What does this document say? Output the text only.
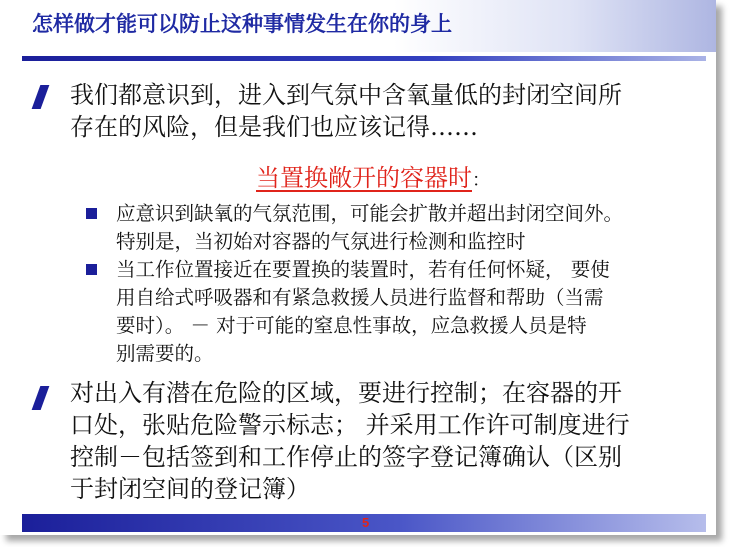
怎样做才能可以防止这种事情发生在你的身上
我们都意识到，进入到气氛中含氧量低的封闭空间所
存在的风险，但是我们也应该记得……
当置换敞开的容器时：
应意识到缺氧的气氛范围，可能会扩散并超出封闭空间外。
特别是，当初始对容器的气氛进行检测和监控时
当工作位置接近在要置换的装置时，若有任何怀疑， 要使
用自给式呼吸器和有紧急救援人员进行监督和帮助（当需
要时）。 － 对于可能的窒息性事故，应急救援人员是特
别需要的。
对出入有潜在危险的区域，要进行控制；在容器的开
口处，张贴危险警示标志； 并采用工作许可制度进行
控制－包括签到和工作停止的签字登记簿确认（区别
于封闭空间的登记簿）
5
